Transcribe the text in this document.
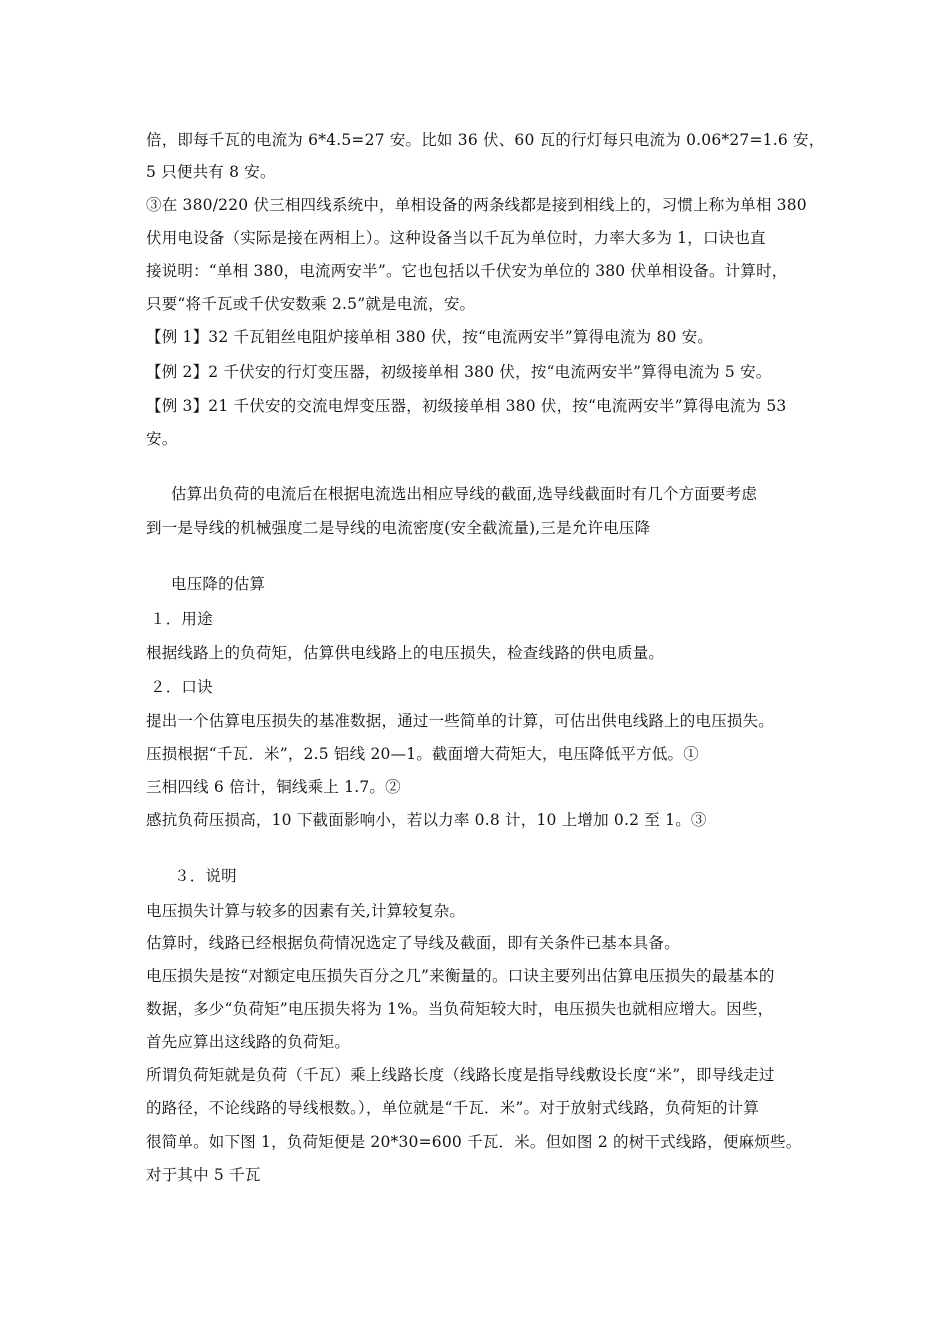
倍，即每千瓦的电流为 6*4.5=27 安。比如 36 伏、60 瓦的行灯每只电流为 0.06*27=1.6 安，
5 只便共有 8 安。
③在 380/220 伏三相四线系统中，单相设备的两条线都是接到相线上的，习惯上称为单相 380
伏用电设备（实际是接在两相上）。这种设备当以千瓦为单位时，力率大多为 1，口诀也直
接说明：“单相 380，电流两安半”。它也包括以千伏安为单位的 380 伏单相设备。计算时，
只要“将千瓦或千伏安数乘 2.5”就是电流，安。
【例 1】32 千瓦钼丝电阻炉接单相 380 伏，按“电流两安半”算得电流为 80 安。
【例 2】2 千伏安的行灯变压器，初级接单相 380 伏，按“电流两安半”算得电流为 5 安。
【例 3】21 千伏安的交流电焊变压器，初级接单相 380 伏，按“电流两安半”算得电流为 53
安。
估算出负荷的电流后在根据电流选出相应导线的截面,选导线截面时有几个方面要考虑
到一是导线的机械强度二是导线的电流密度(安全截流量),三是允许电压降
电压降的估算
１．用途
根据线路上的负荷矩，估算供电线路上的电压损失，检查线路的供电质量。
２．口诀
提出一个估算电压损失的基准数据，通过一些简单的计算，可估出供电线路上的电压损失。
压损根据“千瓦．米”，2.5 铝线 20—1。截面增大荷矩大，电压降低平方低。①
三相四线 6 倍计，铜线乘上 1.7。②
感抗负荷压损高，10 下截面影响小，若以力率 0.8 计，10 上增加 0.2 至 1。③
３．说明
电压损失计算与较多的因素有关,计算较复杂。
估算时，线路已经根据负荷情况选定了导线及截面，即有关条件已基本具备。
电压损失是按“对额定电压损失百分之几”来衡量的。口诀主要列出估算电压损失的最基本的
数据，多少“负荷矩”电压损失将为 1%。当负荷矩较大时，电压损失也就相应增大。因些，
首先应算出这线路的负荷矩。
所谓负荷矩就是负荷（千瓦）乘上线路长度（线路长度是指导线敷设长度“米”，即导线走过
的路径，不论线路的导线根数。），单位就是“千瓦．米”。对于放射式线路，负荷矩的计算
很简单。如下图 1，负荷矩便是 20*30=600 千瓦．米。但如图 2 的树干式线路，便麻烦些。
对于其中 5 千瓦
